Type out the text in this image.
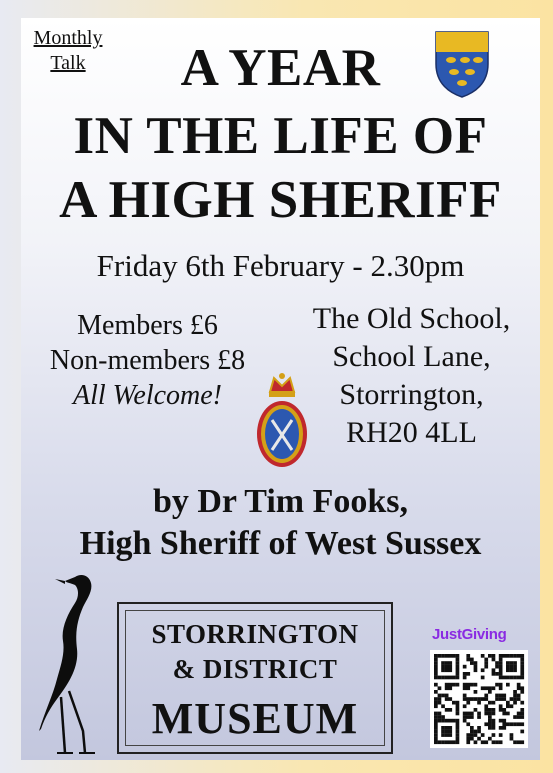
Monthly
Talk	A YEAR
IN THE LIFE OF
A HIGH SHERIFF
Friday 6th February - 2.30pm
Members £6
Non-members £8
All Welcome!
The Old School,
School Lane,
Storrington,
RH20 4LL
by Dr Tim Fooks,
High Sheriff of West Sussex
STORRINGTON
& DISTRICT
MUSEUM
JustGiving
